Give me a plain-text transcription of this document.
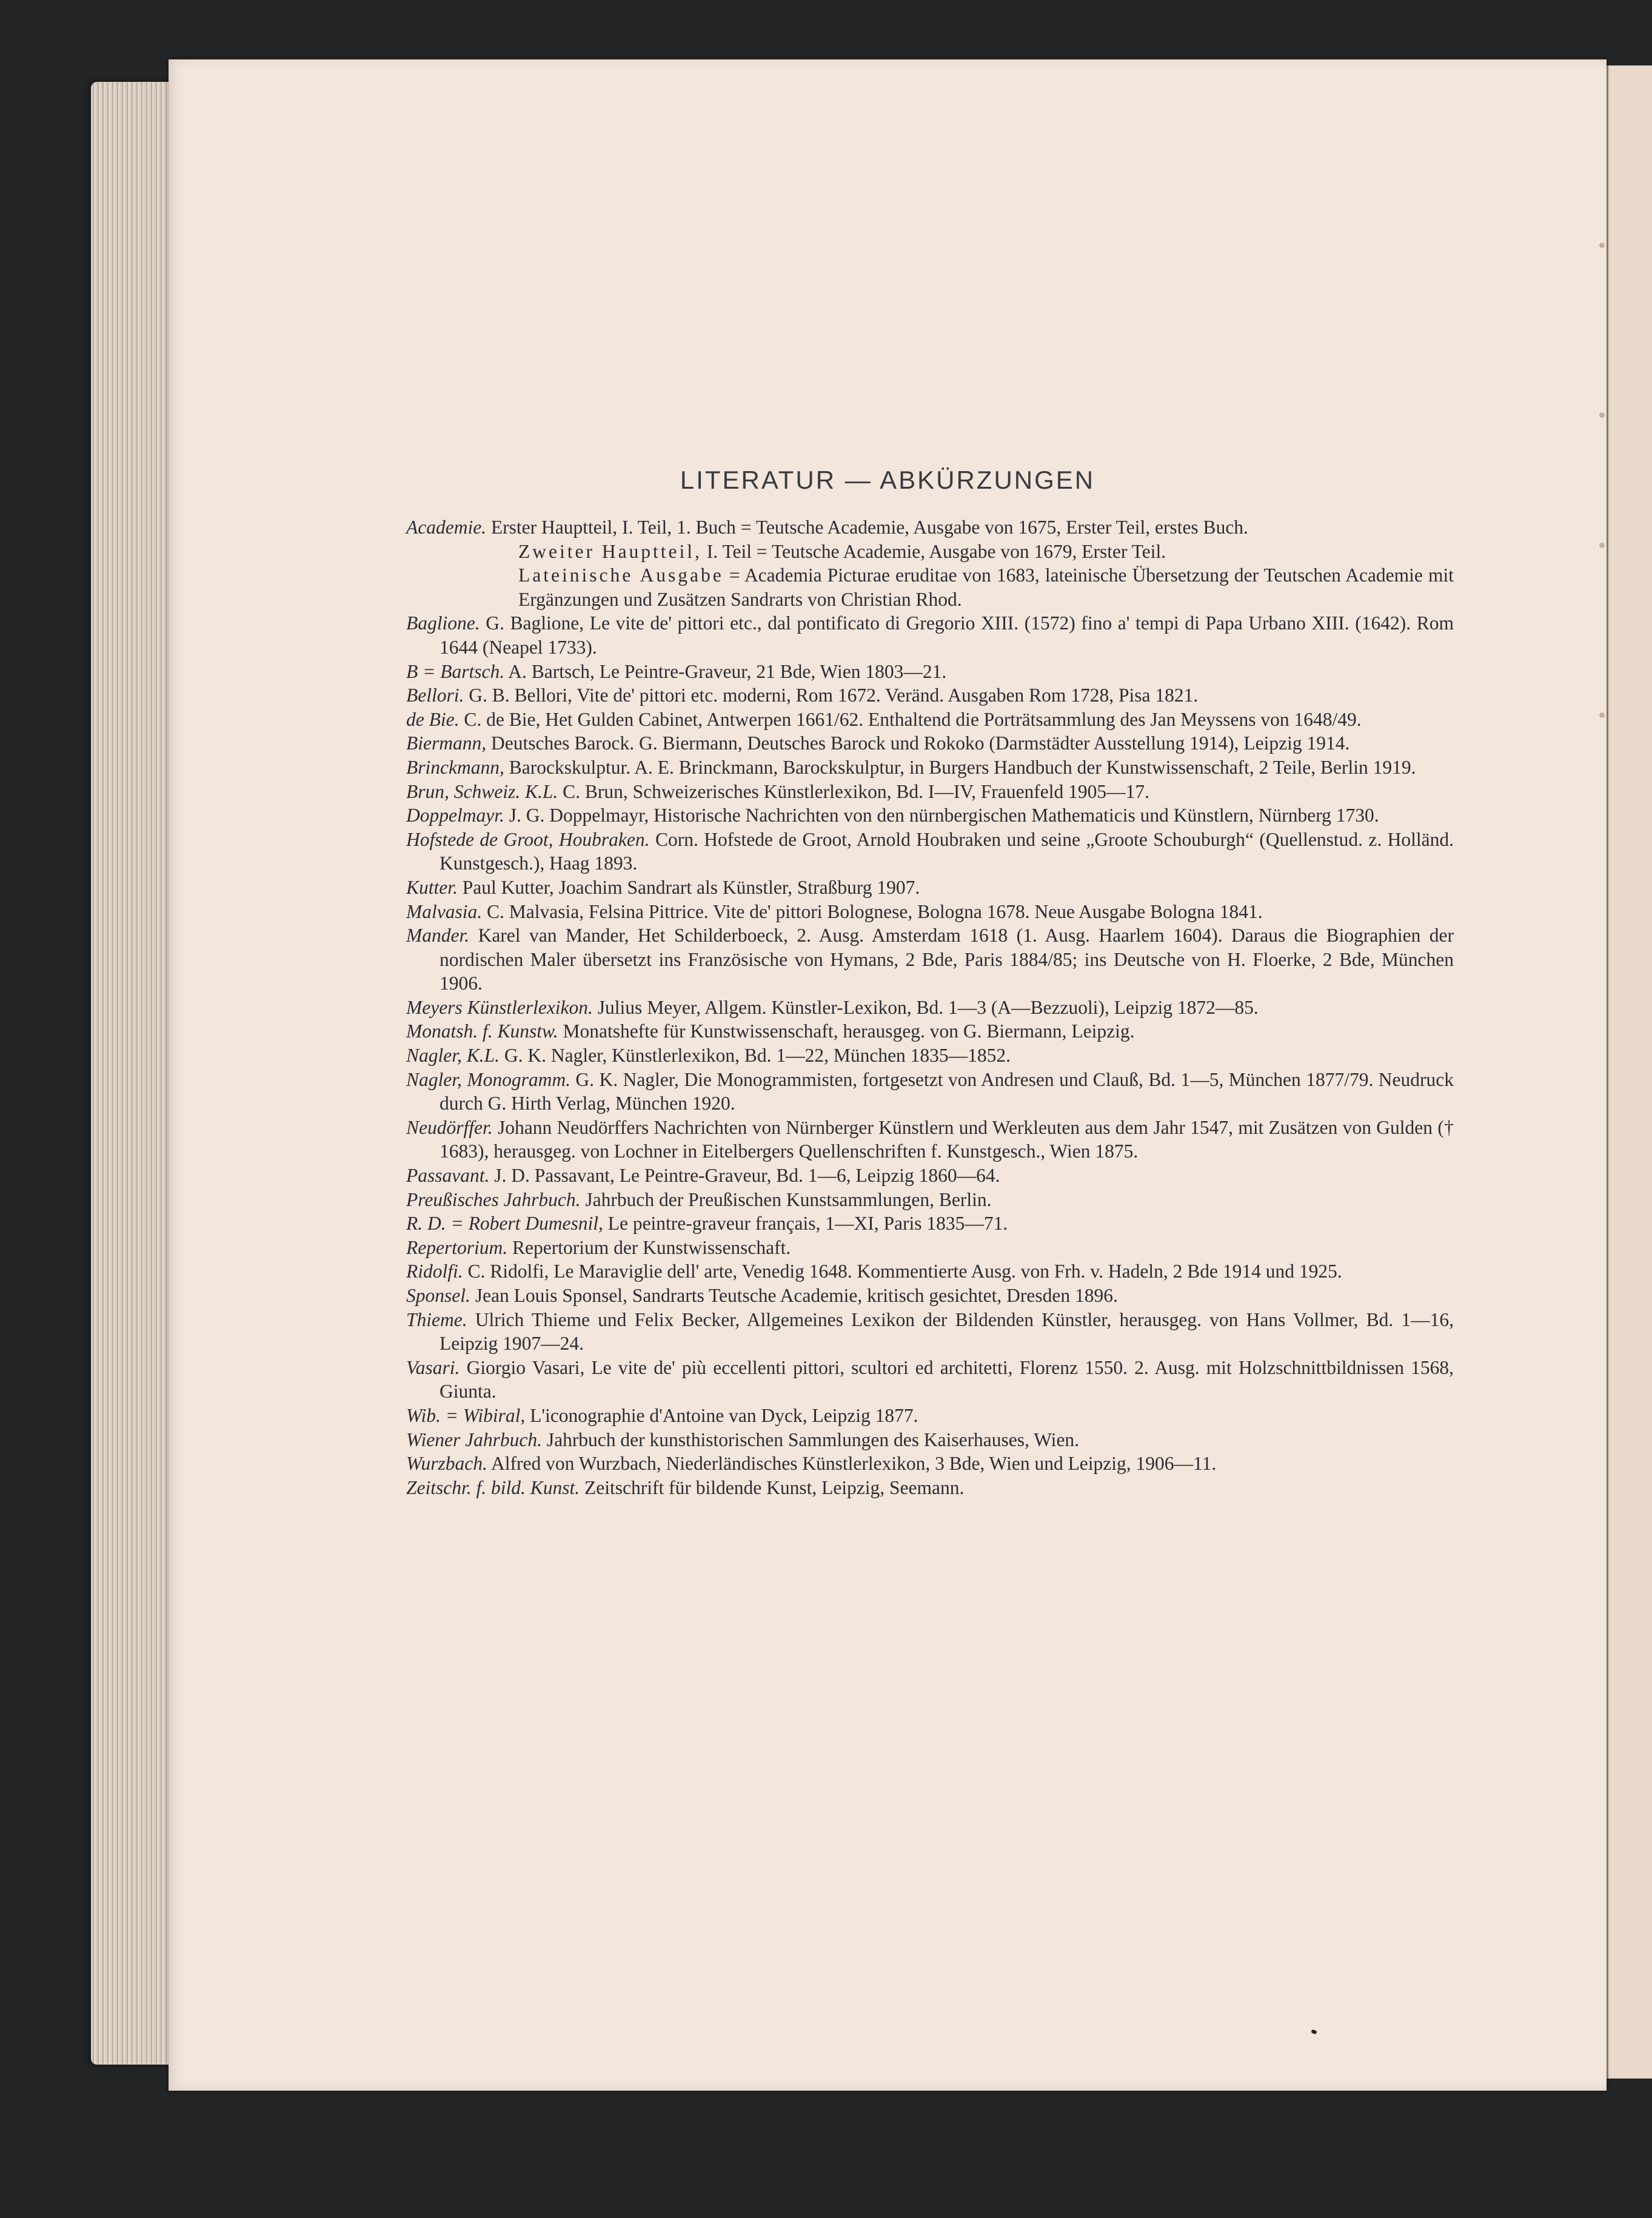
LITERATUR — ABKÜRZUNGEN

Academie. Erster Hauptteil, I. Teil, 1. Buch = Teutsche Academie, Ausgabe von 1675, Erster Teil, erstes Buch.

Zweiter Hauptteil, I. Teil = Teutsche Academie, Ausgabe von 1679, Erster Teil.

Lateinische Ausgabe = Academia Picturae eruditae von 1683, lateinische Übersetzung der Teutschen Academie mit Ergänzungen und Zusätzen Sandrarts von Christian Rhod.

Baglione. G. Baglione, Le vite de' pittori etc., dal pontificato di Gregorio XIII. (1572) fino a' tempi di Papa Urbano XIII. (1642). Rom 1644 (Neapel 1733).

B = Bartsch. A. Bartsch, Le Peintre-Graveur, 21 Bde, Wien 1803—21.

Bellori. G. B. Bellori, Vite de' pittori etc. moderni, Rom 1672. Veränd. Ausgaben Rom 1728, Pisa 1821.

de Bie. C. de Bie, Het Gulden Cabinet, Antwerpen 1661/62. Enthaltend die Porträtsammlung des Jan Meyssens von 1648/49.

Biermann, Deutsches Barock. G. Biermann, Deutsches Barock und Rokoko (Darmstädter Ausstellung 1914), Leipzig 1914.

Brinckmann, Barockskulptur. A. E. Brinckmann, Barockskulptur, in Burgers Handbuch der Kunstwissenschaft, 2 Teile, Berlin 1919.

Brun, Schweiz. K.L. C. Brun, Schweizerisches Künstlerlexikon, Bd. I—IV, Frauenfeld 1905—17.

Doppelmayr. J. G. Doppelmayr, Historische Nachrichten von den nürnbergischen Mathematicis und Künstlern, Nürnberg 1730.

Hofstede de Groot, Houbraken. Corn. Hofstede de Groot, Arnold Houbraken und seine „Groote Schouburgh“ (Quellenstud. z. Holländ. Kunstgesch.), Haag 1893.

Kutter. Paul Kutter, Joachim Sandrart als Künstler, Straßburg 1907.

Malvasia. C. Malvasia, Felsina Pittrice. Vite de' pittori Bolognese, Bologna 1678. Neue Ausgabe Bologna 1841.

Mander. Karel van Mander, Het Schilderboeck, 2. Ausg. Amsterdam 1618 (1. Ausg. Haarlem 1604). Daraus die Biographien der nordischen Maler übersetzt ins Französische von Hymans, 2 Bde, Paris 1884/85; ins Deutsche von H. Floerke, 2 Bde, München 1906.

Meyers Künstlerlexikon. Julius Meyer, Allgem. Künstler-Lexikon, Bd. 1—3 (A—Bezzuoli), Leipzig 1872—85.

Monatsh. f. Kunstw. Monatshefte für Kunstwissenschaft, herausgeg. von G. Biermann, Leipzig.

Nagler, K.L. G. K. Nagler, Künstlerlexikon, Bd. 1—22, München 1835—1852.

Nagler, Monogramm. G. K. Nagler, Die Monogrammisten, fortgesetzt von Andresen und Clauß, Bd. 1—5, München 1877/79. Neudruck durch G. Hirth Verlag, München 1920.

Neudörffer. Johann Neudörffers Nachrichten von Nürnberger Künstlern und Werkleuten aus dem Jahr 1547, mit Zusätzen von Gulden († 1683), herausgeg. von Lochner in Eitelbergers Quellenschriften f. Kunstgesch., Wien 1875.

Passavant. J. D. Passavant, Le Peintre-Graveur, Bd. 1—6, Leipzig 1860—64.

Preußisches Jahrbuch. Jahrbuch der Preußischen Kunstsammlungen, Berlin.

R. D. = Robert Dumesnil, Le peintre-graveur français, 1—XI, Paris 1835—71.

Repertorium. Repertorium der Kunstwissenschaft.

Ridolfi. C. Ridolfi, Le Maraviglie dell' arte, Venedig 1648. Kommentierte Ausg. von Frh. v. Hadeln, 2 Bde 1914 und 1925.

Sponsel. Jean Louis Sponsel, Sandrarts Teutsche Academie, kritisch gesichtet, Dresden 1896.

Thieme. Ulrich Thieme und Felix Becker, Allgemeines Lexikon der Bildenden Künstler, herausgeg. von Hans Vollmer, Bd. 1—16, Leipzig 1907—24.

Vasari. Giorgio Vasari, Le vite de' più eccellenti pittori, scultori ed architetti, Florenz 1550. 2. Ausg. mit Holzschnittbildnissen 1568, Giunta.

Wib. = Wibiral, L'iconographie d'Antoine van Dyck, Leipzig 1877.

Wiener Jahrbuch. Jahrbuch der kunsthistorischen Sammlungen des Kaiserhauses, Wien.

Wurzbach. Alfred von Wurzbach, Niederländisches Künstlerlexikon, 3 Bde, Wien und Leipzig, 1906—11.

Zeitschr. f. bild. Kunst. Zeitschrift für bildende Kunst, Leipzig, Seemann.
